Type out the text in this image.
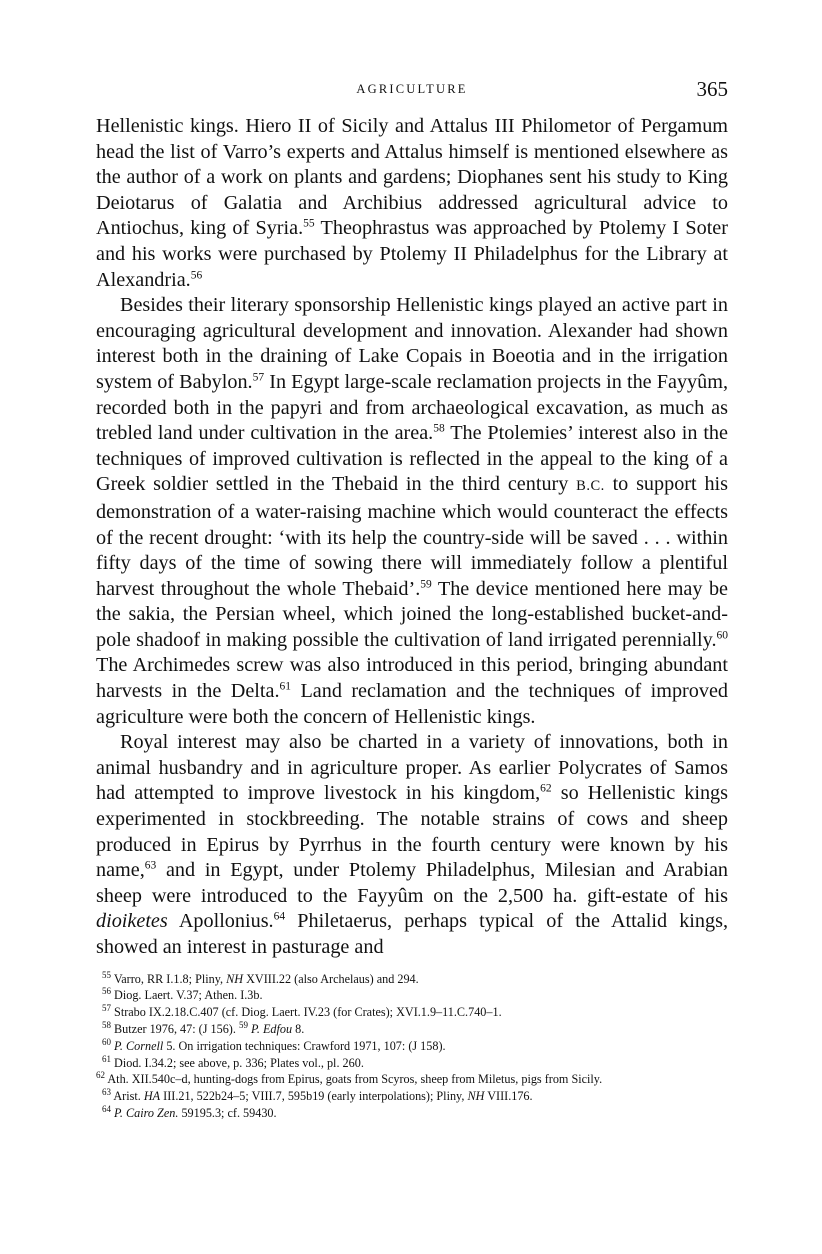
AGRICULTURE	365

Hellenistic kings. Hiero II of Sicily and Attalus III Philometor of Pergamum head the list of Varro’s experts and Attalus himself is mentioned elsewhere as the author of a work on plants and gardens; Diophanes sent his study to King Deiotarus of Galatia and Archibius addressed agricultural advice to Antiochus, king of Syria.$^{55}$ Theophrastus was approached by Ptolemy I Soter and his works were purchased by Ptolemy II Philadelphus for the Library at Alexandria.$^{56}$

Besides their literary sponsorship Hellenistic kings played an active part in encouraging agricultural development and innovation. Alexander had shown interest both in the draining of Lake Copais in Boeotia and in the irrigation system of Babylon.$^{57}$ In Egypt large-scale reclamation projects in the Fayyûm, recorded both in the papyri and from archaeological excavation, as much as trebled land under cultivation in the area.$^{58}$ The Ptolemies’ interest also in the techniques of improved cultivation is reflected in the appeal to the king of a Greek soldier settled in the Thebaid in the third century B.C. to support his demonstration of a water-raising machine which would counteract the effects of the recent drought: ‘with its help the country-side will be saved . . . within fifty days of the time of sowing there will immediately follow a plentiful harvest throughout the whole Thebaid’.$^{59}$ The device mentioned here may be the sakia, the Persian wheel, which joined the long-established bucket-and-pole shadoof in making possible the cultivation of land irrigated perennially.$^{60}$ The Archimedes screw was also introduced in this period, bringing abundant harvests in the Delta.$^{61}$ Land reclamation and the techniques of improved agriculture were both the concern of Hellenistic kings.

Royal interest may also be charted in a variety of innovations, both in animal husbandry and in agriculture proper. As earlier Polycrates of Samos had attempted to improve livestock in his kingdom,$^{62}$ so Hellenistic kings experimented in stockbreeding. The notable strains of cows and sheep produced in Epirus by Pyrrhus in the fourth century were known by his name,$^{63}$ and in Egypt, under Ptolemy Philadelphus, Milesian and Arabian sheep were introduced to the Fayyûm on the 2,500 ha. gift-estate of his dioiketes Apollonius.$^{64}$ Philetaerus, perhaps typical of the Attalid kings, showed an interest in pasturage and

$^{55}$ Varro, RR I.1.8; Pliny, NH XVIII.22 (also Archelaus) and 294.
$^{56}$ Diog. Laert. V.37; Athen. I.3b.
$^{57}$ Strabo IX.2.18.C.407 (cf. Diog. Laert. IV.23 (for Crates); XVI.1.9–11.C.740–1.
$^{58}$ Butzer 1976, 47: (J 156). $^{59}$ P. Edfou 8.
$^{60}$ P. Cornell 5. On irrigation techniques: Crawford 1971, 107: (J 158).
$^{61}$ Diod. I.34.2; see above, p. 336; Plates vol., pl. 260.
$^{62}$ Ath. XII.540c–d, hunting-dogs from Epirus, goats from Scyros, sheep from Miletus, pigs from Sicily.
$^{63}$ Arist. HA III.21, 522b24–5; VIII.7, 595b19 (early interpolations); Pliny, NH VIII.176.
$^{64}$ P. Cairo Zen. 59195.3; cf. 59430.
